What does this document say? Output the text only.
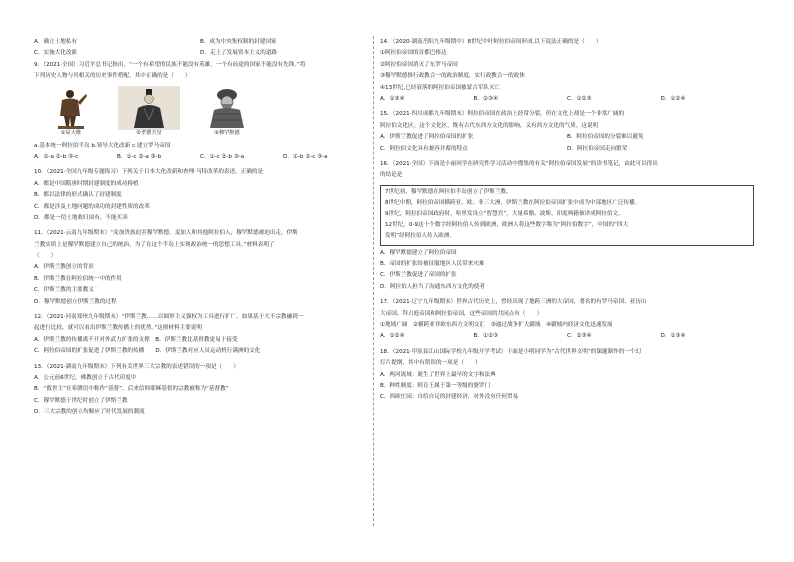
A．确立土地私有	B．成为中央集权制的封建国家
C．实施大化改新	D．走上了发展资本主义的道路
9．（2021·全国）习近平总书记指出，“一个有希望的民族不能没有英雄，一个有前途的国家不能没有先锋。”将
下列历史人物与其相关的历史事件搭配，其中正确的是（　　）
①屋大维	②孝德天皇	③穆罕默德
a.基本统一阿拉伯半岛 b.领导大化改新 c.建立罗马帝国
A．①-a ②-b ③-c	B．①-c ②-a ③-b	C．①-c ②-b ③-a	D．①-b ②-c ③-a
10．（2021·全国九年级专题练习）下列关于日本大化改新和查理·马特改革的表述，正确的是
A．都是中国隋唐时期封建制度的成功移植
B．都以法律的形式确认了封建制度
C．都是涉及土地问题的成功的封建性质的改革
D．都是一切土地收归国有，不能买卖
11．（2021·云南九年级期末）“麦加贵族迫害穆罕默德，麦加人和其他阿拉伯人，穆罕默德被迫出走，伊斯
兰教实质上是穆罕默德建立自己的统治，为了在这个半岛上实现政治统一的思想工具。”材料表明了
（　　）
A．伊斯兰教创立的背景
B．伊斯兰教在阿拉伯统一中的作用
C．伊斯兰教的主要教义
D．穆罕默德创立伊斯兰教的过程
12．（2021·河南郑州九年级期末）“伊斯兰教……以圆形主义强权为工具进行扩广。如果基于大不宗教融到一
起进行比较，就可以看出伊斯兰教传播上的优势。”这则材料主要说明
A．伊斯兰教的传播离不开对外武力扩张的支撑　B．伊斯兰教比基督教更易于接受
C．阿拉伯帝国的扩张促进了伊斯兰教的传播　　D．伊斯兰教对应人员运动机行满洲的文化
13．（2021·湖南九年级期末）下列有关世界三大宗教的表述错误的一项是（　　）
A．公元前6世纪，佛教创立于古代印度中
B．“救世主”在希腊语中称作“基督”，后来信仰耶稣基督的宗教被称为“基督教”
C．穆罕默德于世纪时创立了伊斯兰教
D．三大宗教的创立均顺应了时代发展的潮流
14．（2020·湖南岳阳九年级期中）8世纪中叶阿拉伯帝国形成,以下说法正确的是（　　）
①阿拉伯帝国的首都巴格达
②阿拉伯帝国消灭了东罗马帝国
③穆罕默德推行政教合一的政治制度，实行政教合一的政体
④13世纪,已经衰落的阿拉伯帝国被蒙古军队灭亡
A．①③④	B．②③④	C．①②③	D．①②④
15．（2021·四川成都九年级期末）阿拉伯帝国在政治上经常分裂，但在文化上却是一个非常广阔的
阿拉伯文化区。这个文化区，既有古代东西方文化的影响，又有西方文化的气质。这说明
A．伊斯兰教促进了阿拉伯帝国的扩张	B．阿拉伯帝国的分裂难以避免
C．阿拉伯文化具有兼容并蓄的特点	D．阿拉伯帝国走向繁荣
16．（2021·全国）下面是小丽同学在研究性学习活动中搜集的有关“阿拉伯帝国发展”的读书笔记，由此可以得出
的结论是
7世纪初，穆罕默德在阿拉伯半岛创立了伊斯兰教。
8世纪中期，阿拉伯帝国横跨亚、欧、非三大洲，伊斯兰教在阿拉伯帝国扩张中成为中部地区广泛传播。
9世纪，阿拉伯帝国政府时，哈里发设立“智慧宫”，大量希腊、波斯、印度典籍被译成阿拉伯文。
12世纪，0-9这十个数字经阿拉伯人传到欧洲，欧洲人将这些数字称为“阿拉伯数字”，中国的“四大
发明”经阿拉伯人传入欧洲。
A．穆罕默德建立了阿拉伯帝国
B．帝国的扩张给被征服地区人民带来灾难
C．伊斯兰教促进了帝国的扩张
D．阿拉伯人担当了沟通东西方文化的使者
17．（2021·辽宁九年级期末）世界古代历史上，曾经出现了地跨三洲的大帝国，著名的有罗马帝国、亚历山
大帝国、拜占庭帝国和阿拉伯帝国，这些帝国的共同点有（　　）
①地域广阔　②横跨亚非欧东西方文明交汇　③通过战争扩大疆域　④疆域内经济文化迅速发展
A．①②④	B．①②③	C．②③④	D．①③④
18．（2021·甲原县江山国际学校九年级开学考试）下面是小明同学为“古代世界文明”的课题制作的一个幻
灯片提纲，其中有错误的一项是（　　）
A．两河流域：诞生了世界上最早的文字和法典
B．种姓制度：阿育王属于第一等级的婆罗门
C．西欧庄园：自给自足的封建经济，对外没有任何贸易
